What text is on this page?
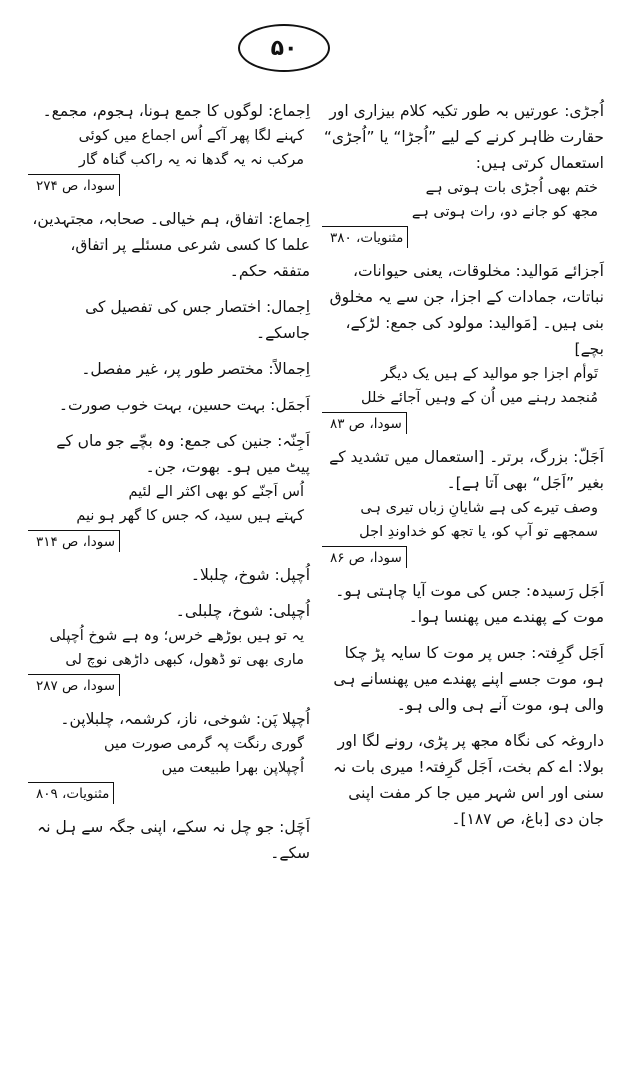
۵۰

اُجڑی: عورتیں بہ طور تکیہ کلام بیزاری اور حقارت ظاہر کرنے کے لیے ”اُجڑا“ یا ”اُجڑی“ استعمال کرتی ہیں:

ختم بھی اُجڑی بات ہوتی ہے
مجھ کو جانے دو، رات ہوتی ہے
مثنویات، ۳۸۰

اَجزائے مَوالید: مخلوقات، یعنی حیوانات، نباتات، جمادات کے اجزا، جن سے یہ مخلوق بنی ہیں۔ [مَوالید: مولود کی جمع: لڑکے، بچے]

تَوأم اجزا جو موالید کے ہیں یک دیگر
مُنجمد رہنے میں اُن کے وہیں آجائے خلل
سودا، ص ۸۳

اَجَلّ: بزرگ، برتر۔ [استعمال میں تشدید کے بغیر ”اَجَل“ بھی آتا ہے]۔

وصف تیرے کی ہے شایانِ زباں تیری ہی
سمجھے تو آپ کو، یا تجھ کو خداوندِ اجل
سودا، ص ۸۶

اَجَل رَسیدہ: جس کی موت آیا چاہتی ہو۔ موت کے پھندے میں پھنسا ہوا۔

اَجَل گرِفتہ: جس پر موت کا سایہ پڑ چکا ہو، موت جسے اپنے پھندے میں پھنسانے ہی والی ہو، موت آنے ہی والی ہو۔

داروغہ کی نگاہ مجھ پر پڑی، رونے لگا اور بولا: اے کم بخت، اَجَل گرِفتہ! میری بات نہ سنی اور اس شہر میں جا کر مفت اپنی جان دی [باغ، ص ۱۸۷]۔

اِجماع: لوگوں کا جمع ہونا، ہجوم، مجمع۔

کہنے لگا پھر آکے اُس اجماع میں کوئی
مرکب نہ یہ گدھا نہ یہ راکب گناہ گار
سودا، ص ۲۷۴

اِجماع: اتفاق، ہم خیالی۔ صحابہ، مجتہدین، علما کا کسی شرعی مسئلے پر اتفاق، متفقہ حکم۔

اِجمال: اختصار جس کی تفصیل کی جاسکے۔

اِجمالاً: مختصر طور پر، غیر مفصل۔

اَجمَل: بہت حسین، بہت خوب صورت۔

اَجِنّہ: جنین کی جمع: وہ بچّے جو ماں کے پیٹ میں ہو۔ بھوت، جن۔

اُس اَجنّے کو بھی اکثر الے لئیم
کہتے ہیں سید، کہ جس کا گھر ہو نیم
سودا، ص ۳۱۴

اُچپل: شوخ، چلبلا۔

اُچپلی: شوخ، چلبلی۔

یہ تو ہیں بوڑھے خرس؛ وہ ہے شوخ اُچپلی
ماری بھی تو ڈھول، کبھی داڑھی نوچ لی
سودا، ص ۲۸۷

اُچپلا پَن: شوخی، ناز، کرشمہ، چلبلاپن۔

گوری رنگت پہ گرمی صورت میں
اُچپلاپن بھرا طبیعت میں
مثنویات، ۸۰۹

اَچَل: جو چل نہ سکے، اپنی جگہ سے ہل نہ سکے۔
